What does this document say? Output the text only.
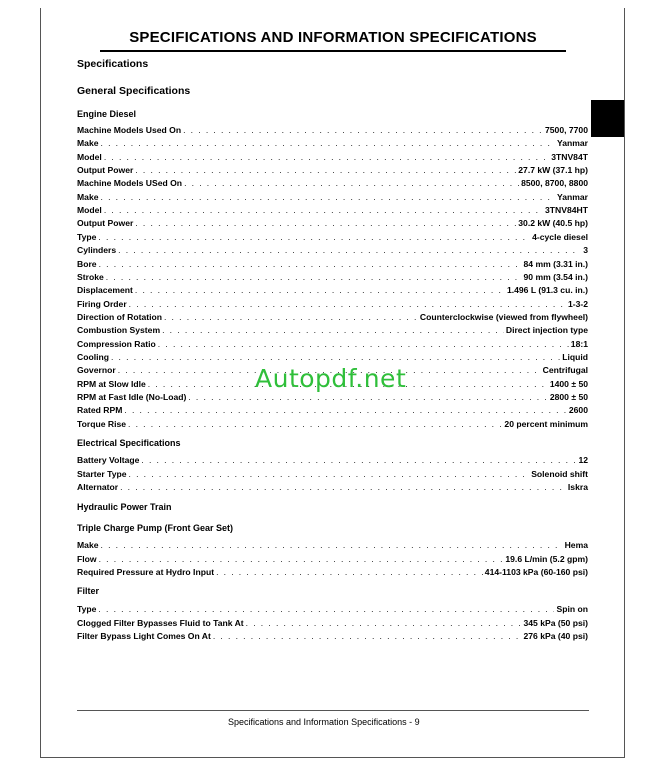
SPECIFICATIONS AND INFORMATION SPECIFICATIONS
Specifications
General Specifications
Engine Diesel
Machine Models Used On . . .	7500, 7700
Make . . .	Yanmar
Model . . .	3TNV84T
Output Power . . .	27.7 kW (37.1 hp)
Machine Models USed On . . .	8500, 8700, 8800
Make . . .	Yanmar
Model . . .	3TNV84HT
Output Power . . .	30.2 kW (40.5 hp)
Type . . .	4-cycle diesel
Cylinders . . .	3
Bore . . .	84 mm (3.31 in.)
Stroke . . .	90 mm (3.54 in.)
Displacement . . .	1.496 L (91.3 cu. in.)
Firing Order . . .	1-3-2
Direction of Rotation . . .	Counterclockwise (viewed from flywheel)
Combustion System . . .	Direct injection type
Compression Ratio . . .	18:1
Cooling . . .	Liquid
Governor . . .	Centrifugal
RPM at Slow Idle . . .	1400 ± 50
RPM at Fast Idle (No-Load) . . .	2800 ± 50
Rated RPM . . .	2600
Torque Rise . . .	20 percent minimum
Electrical Specifications
Battery Voltage . . .	12
Starter Type . . .	Solenoid shift
Alternator . . .	Iskra
Hydraulic Power Train
Triple Charge Pump (Front Gear Set)
Make . . .	Hema
Flow . . .	19.6 L/min (5.2 gpm)
Required Pressure at Hydro Input . . .	414-1103 kPa (60-160 psi)
Filter
Type . . .	Spin on
Clogged Filter Bypasses Fluid to Tank At . . .	345 kPa (50 psi)
Filter Bypass Light Comes On At . . .	276 kPa (40 psi)
Autopdf.net
Specifications and Information Specifications - 9
